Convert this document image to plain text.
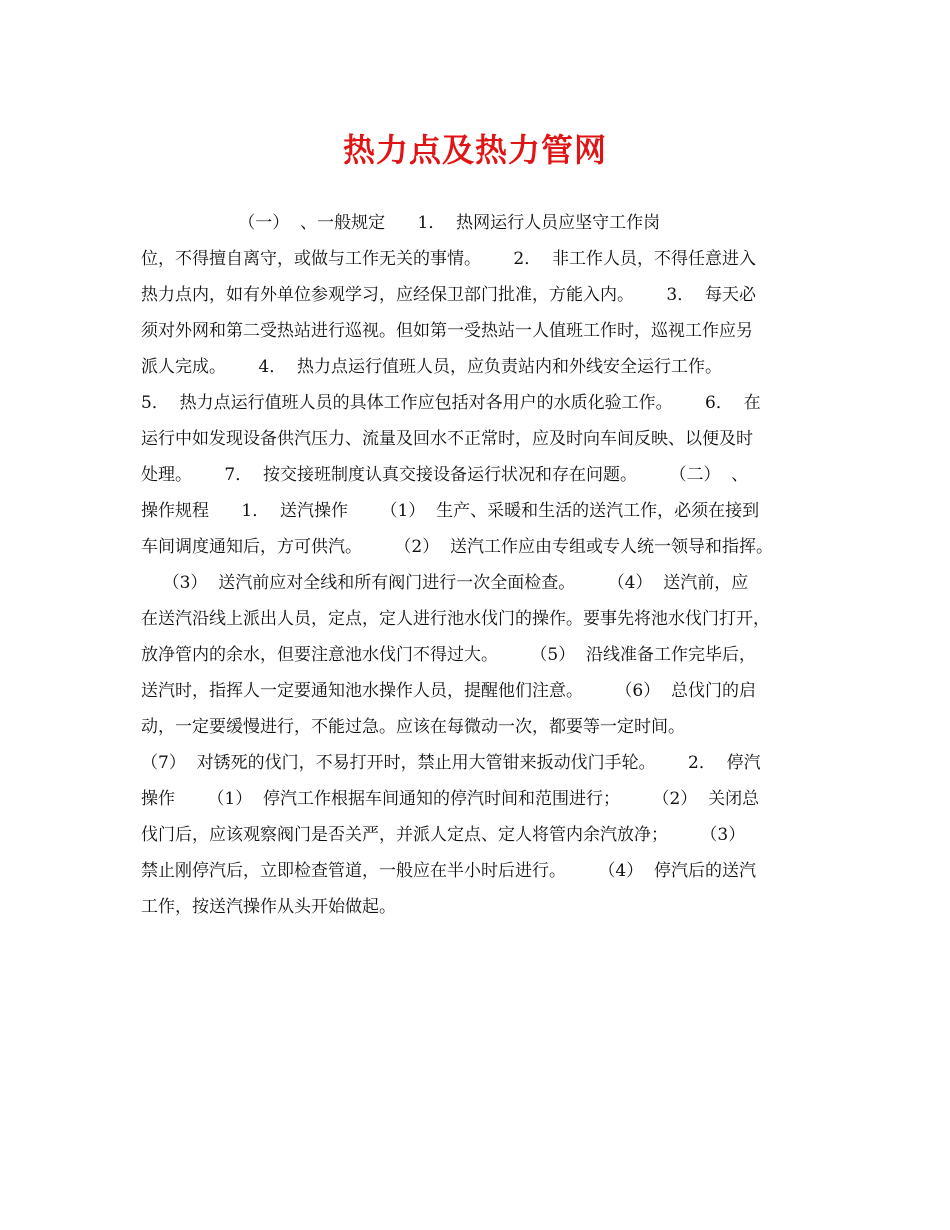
热力点及热力管网
（一）  、一般规定      1．  热网运行人员应坚守工作岗
位，不得擅自离守，或做与工作无关的事情。      2．  非工作人员，不得任意进入
热力点内，如有外单位参观学习，应经保卫部门批准，方能入内。      3．  每天必
须对外网和第二受热站进行巡视。但如第一受热站一人值班工作时，巡视工作应另
派人完成。      4．  热力点运行值班人员，应负责站内和外线安全运行工作。
5．  热力点运行值班人员的具体工作应包括对各用户的水质化验工作。      6．  在
运行中如发现设备供汽压力、流量及回水不正常时，应及时向车间反映、以便及时
处理。      7．  按交接班制度认真交接设备运行状况和存在问题。      （二）  、
操作规程      1．  送汽操作      （1）  生产、采暖和生活的送汽工作，必须在接到
车间调度通知后，方可供汽。      （2）  送汽工作应由专组或专人统一领导和指挥。
（3）  送汽前应对全线和所有阀门进行一次全面检查。      （4）  送汽前，应
在送汽沿线上派出人员，定点，定人进行池水伐门的操作。要事先将池水伐门打开，
放净管内的余水，但要注意池水伐门不得过大。      （5）  沿线准备工作完毕后，
送汽时，指挥人一定要通知池水操作人员，提醒他们注意。      （6）  总伐门的启
动，一定要缓慢进行，不能过急。应该在每微动一次，都要等一定时间。
（7）  对锈死的伐门，不易打开时，禁止用大管钳来扳动伐门手轮。      2．  停汽
操作      （1）  停汽工作根据车间通知的停汽时间和范围进行；      （2）  关闭总
伐门后，应该观察阀门是否关严，并派人定点、定人将管内余汽放净；      （3）
禁止刚停汽后，立即检查管道，一般应在半小时后进行。      （4）  停汽后的送汽
工作，按送汽操作从头开始做起。
